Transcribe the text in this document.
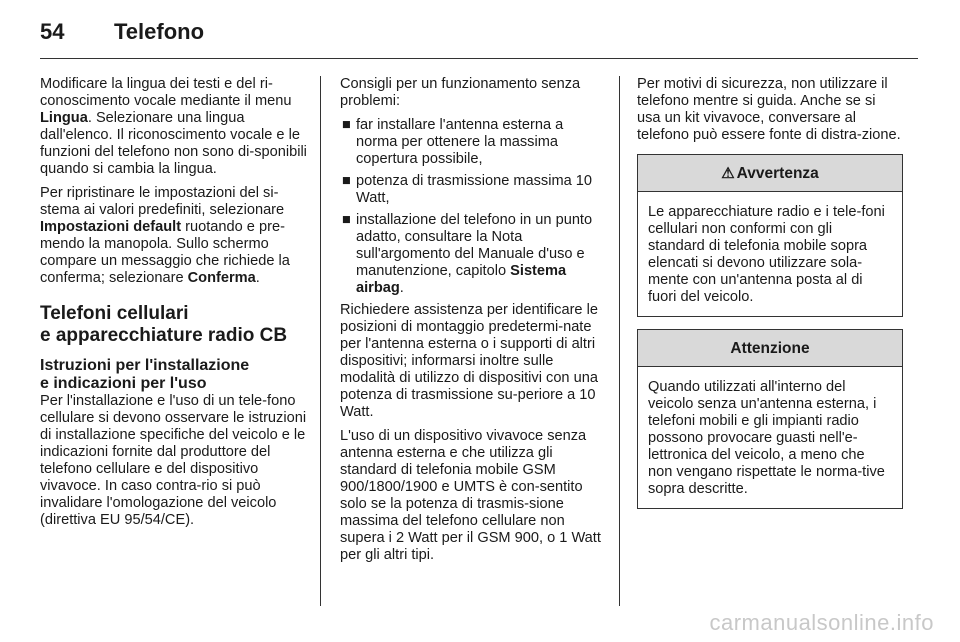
54 Telefono

Modificare la lingua dei testi e del ri-conoscimento vocale mediante il menu Lingua. Selezionare una lingua dall'elenco. Il riconoscimento vocale e le funzioni del telefono non sono di-sponibili quando si cambia la lingua.

Per ripristinare le impostazioni del si-stema ai valori predefiniti, selezionare Impostazioni default ruotando e pre-mendo la manopola. Sullo schermo compare un messaggio che richiede la conferma; selezionare Conferma.

Telefoni cellulari
e apparecchiature radio CB
Istruzioni per l'installazione
e indicazioni per l'uso

Per l'installazione e l'uso di un tele-fono cellulare si devono osservare le istruzioni di installazione specifiche del veicolo e le indicazioni fornite dal produttore del telefono cellulare e del dispositivo vivavoce. In caso contra-rio si può invalidare l'omologazione del veicolo (direttiva EU 95/54/CE).

Consigli per un funzionamento senza problemi:

■ far installare l'antenna esterna a norma per ottenere la massima copertura possibile,
■ potenza di trasmissione massima 10 Watt,
■ installazione del telefono in un punto adatto, consultare la Nota sull'argomento del Manuale d'uso e manutenzione, capitolo Sistema airbag.

Richiedere assistenza per identificare le posizioni di montaggio predetermi-nate per l'antenna esterna o i supporti di altri dispositivi; informarsi inoltre sulle modalità di utilizzo di dispositivi con una potenza di trasmissione su-periore a 10 Watt.

L'uso di un dispositivo vivavoce senza antenna esterna e che utilizza gli standard di telefonia mobile GSM 900/1800/1900 e UMTS è con-sentito solo se la potenza di trasmis-sione massima del telefono cellulare non supera i 2 Watt per il GSM 900, o 1 Watt per gli altri tipi.

Per motivi di sicurezza, non utilizzare il telefono mentre si guida. Anche se si usa un kit vivavoce, conversare al telefono può essere fonte di distra-zione.

⚠ Avvertenza
Le apparecchiature radio e i tele-foni cellulari non conformi con gli standard di telefonia mobile sopra elencati si devono utilizzare sola-mente con un'antenna posta al di fuori del veicolo.
Attenzione
Quando utilizzati all'interno del veicolo senza un'antenna esterna, i telefoni mobili e gli impianti radio possono provocare guasti nell'e-lettronica del veicolo, a meno che non vengano rispettate le norma-tive sopra descritte.
carmanualsonline.info
